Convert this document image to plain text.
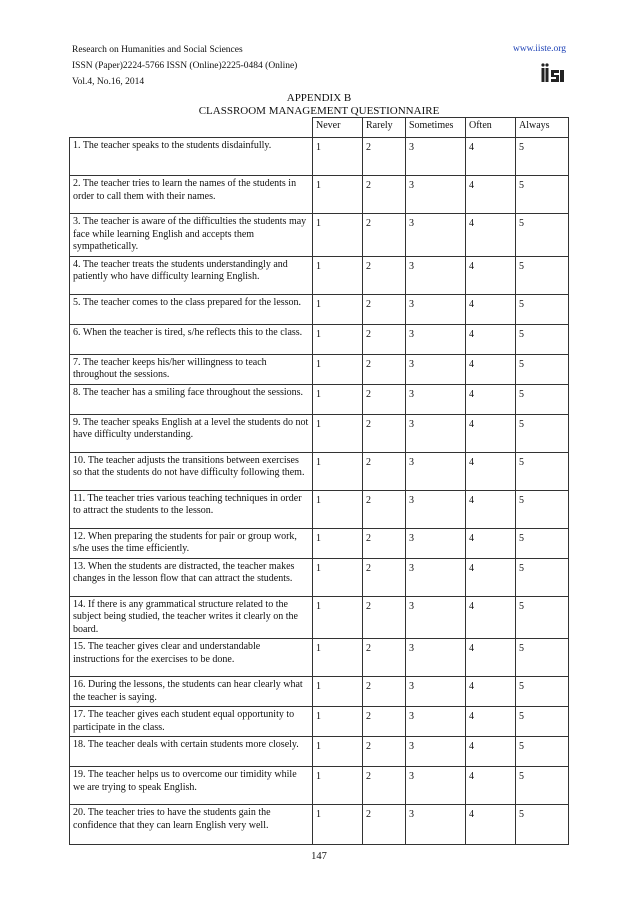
Research on Humanities and Social Sciences
ISSN (Paper)2224-5766 ISSN (Online)2225-0484 (Online)
Vol.4, No.16, 2014
www.iiste.org
APPENDIX B
CLASSROOM MANAGEMENT QUESTIONNAIRE
	Never	Rarely	Sometimes	Often	Always
1. The teacher speaks to the students disdainfully.	1	2	3	4	5
2. The teacher tries to learn the names of the students in order to call them with their names.	1	2	3	4	5
3. The teacher is aware of the difficulties the students may face while learning English and accepts them sympathetically.	1	2	3	4	5
4. The teacher treats the students understandingly and patiently who have difficulty learning English.	1	2	3	4	5
5. The teacher comes to the class prepared for the lesson.	1	2	3	4	5
6. When the teacher is tired, s/he reflects this to the class.	1	2	3	4	5
7. The teacher keeps his/her willingness to teach throughout the sessions.	1	2	3	4	5
8. The teacher has a smiling face throughout the sessions.	1	2	3	4	5
9. The teacher speaks English at a level the students do not have difficulty understanding.	1	2	3	4	5
10. The teacher adjusts the transitions between exercises so that the students do not have difficulty following them.	1	2	3	4	5
11. The teacher tries various teaching techniques in order to attract the students to the lesson.	1	2	3	4	5
12. When preparing the students for pair or group work, s/he uses the time efficiently.	1	2	3	4	5
13. When the students are distracted, the teacher makes changes in the lesson flow that can attract the students.	1	2	3	4	5
14. If there is any grammatical structure related to the subject being studied, the teacher writes it clearly on the board.	1	2	3	4	5
15. The teacher gives clear and understandable instructions for the exercises to be done.	1	2	3	4	5
16. During the lessons, the students can hear clearly what the teacher is saying.	1	2	3	4	5
17. The teacher gives each student equal opportunity to participate in the class.	1	2	3	4	5
18. The teacher deals with certain students more closely.	1	2	3	4	5
19. The teacher helps us to overcome our timidity while we are trying to speak English.	1	2	3	4	5
20. The teacher tries to have the students gain the confidence that they can learn English very well.	1	2	3	4	5
147
